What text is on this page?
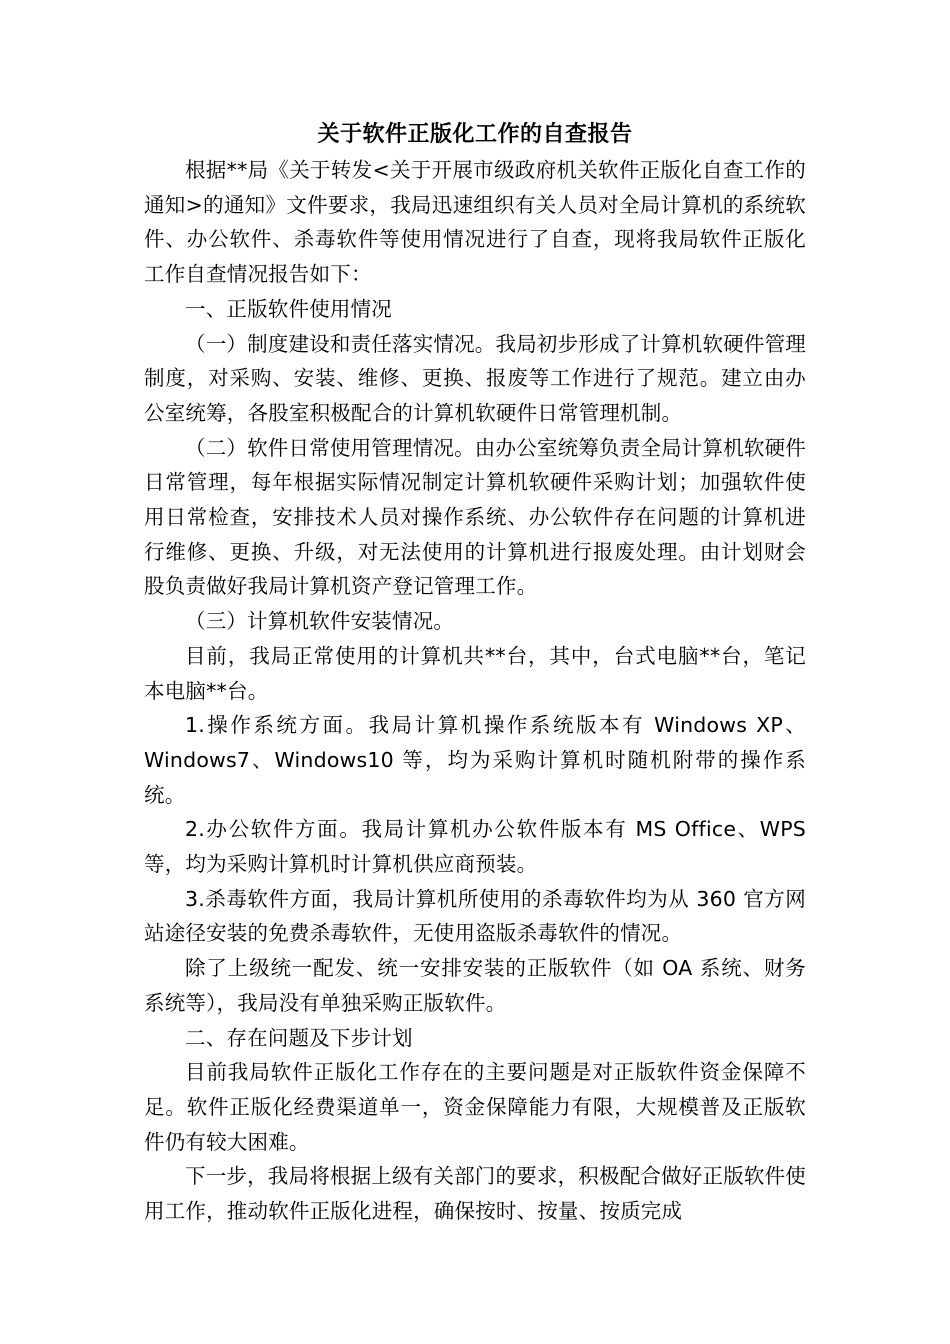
关于软件正版化工作的自查报告

根据**局《关于转发<关于开展市级政府机关软件正版化自查工作的通知>的通知》文件要求，我局迅速组织有关人员对全局计算机的系统软件、办公软件、杀毒软件等使用情况进行了自查，现将我局软件正版化工作自查情况报告如下：

一、正版软件使用情况

（一）制度建设和责任落实情况。我局初步形成了计算机软硬件管理制度，对采购、安装、维修、更换、报废等工作进行了规范。建立由办公室统筹，各股室积极配合的计算机软硬件日常管理机制。

（二）软件日常使用管理情况。由办公室统筹负责全局计算机软硬件日常管理，每年根据实际情况制定计算机软硬件采购计划；加强软件使用日常检查，安排技术人员对操作系统、办公软件存在问题的计算机进行维修、更换、升级，对无法使用的计算机进行报废处理。由计划财会股负责做好我局计算机资产登记管理工作。

（三）计算机软件安装情况。

目前，我局正常使用的计算机共**台，其中，台式电脑**台，笔记本电脑**台。

1.操作系统方面。我局计算机操作系统版本有 Windows XP、Windows7、Windows10 等，均为采购计算机时随机附带的操作系统。

2.办公软件方面。我局计算机办公软件版本有 MS Office、WPS 等，均为采购计算机时计算机供应商预装。

3.杀毒软件方面，我局计算机所使用的杀毒软件均为从 360 官方网站途径安装的免费杀毒软件，无使用盗版杀毒软件的情况。

除了上级统一配发、统一安排安装的正版软件（如 OA 系统、财务系统等），我局没有单独采购正版软件。

二、存在问题及下步计划

目前我局软件正版化工作存在的主要问题是对正版软件资金保障不足。软件正版化经费渠道单一，资金保障能力有限，大规模普及正版软件仍有较大困难。

下一步，我局将根据上级有关部门的要求，积极配合做好正版软件使用工作，推动软件正版化进程，确保按时、按量、按质完成
